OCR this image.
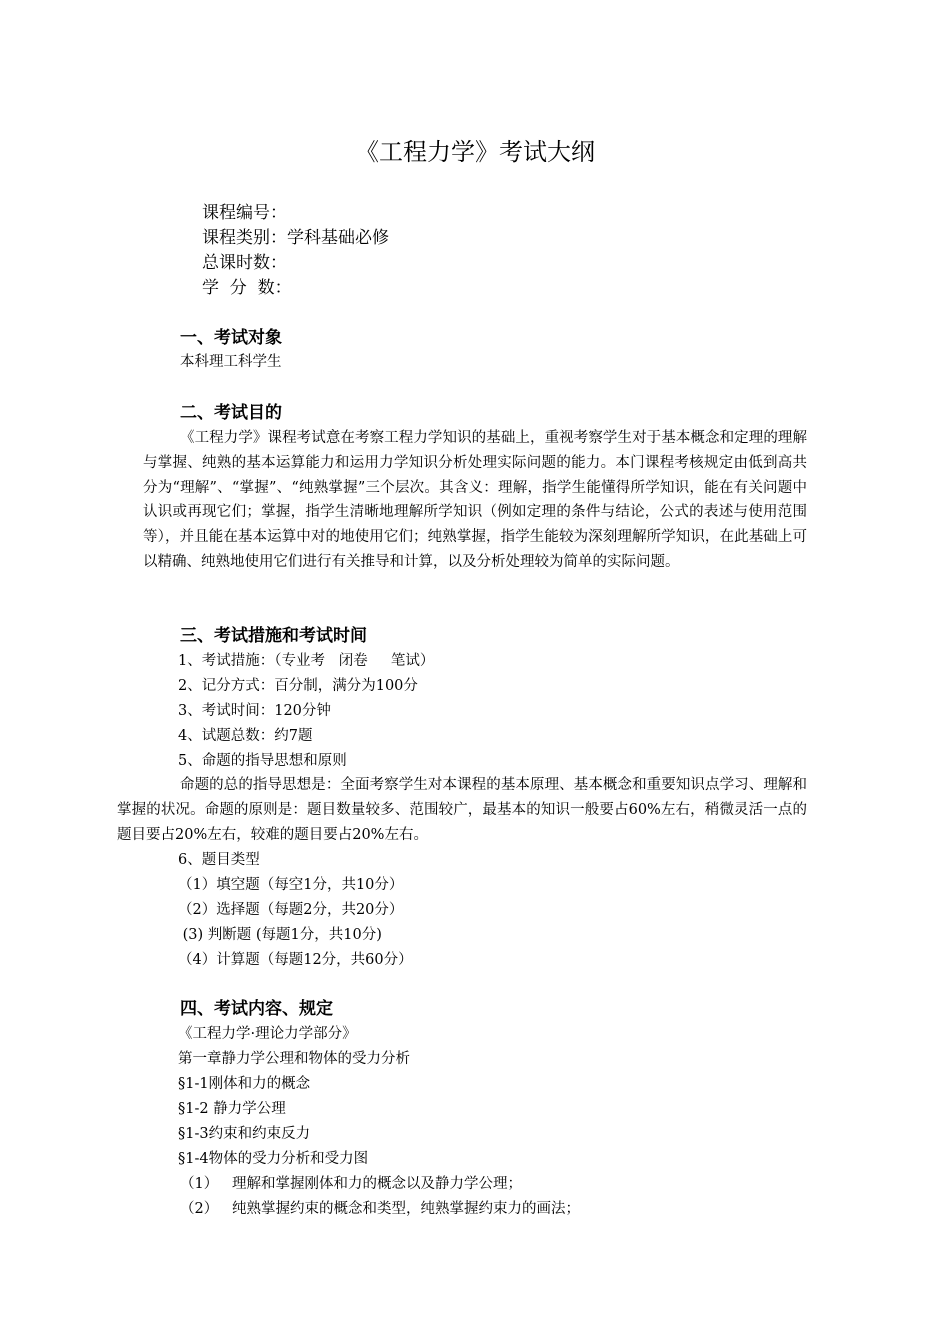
《工程力学》考试大纲
课程编号：
课程类别：学科基础必修
总课时数：
学  分  数：
一、考试对象
本科理工科学生
二、考试目的
《工程力学》课程考试意在考察工程力学知识的基础上，重视考察学生对于基本概念和定理的理解与掌握、纯熟的基本运算能力和运用力学知识分析处理实际问题的能力。本门课程考核规定由低到高共分为“理解”、“掌握”、“纯熟掌握”三个层次。其含义：理解，指学生能懂得所学知识，能在有关问题中认识或再现它们；掌握，指学生清晰地理解所学知识（例如定理的条件与结论，公式的表述与使用范围等），并且能在基本运算中对的地使用它们；纯熟掌握，指学生能较为深刻理解所学知识，在此基础上可以精确、纯熟地使用它们进行有关推导和计算，以及分析处理较为简单的实际问题。
三、考试措施和考试时间
1、考试措施：（专业考   闭卷     笔试）
2、记分方式：百分制，满分为100分
3、考试时间：120分钟
4、试题总数：约7题
5、命题的指导思想和原则
命题的总的指导思想是：全面考察学生对本课程的基本原理、基本概念和重要知识点学习、理解和掌握的状况。命题的原则是：题目数量较多、范围较广，最基本的知识一般要占60%左右，稍微灵活一点的题目要占20%左右，较难的题目要占20%左右。
6、题目类型
（1）填空题（每空1分，共10分）
（2）选择题（每题2分，共20分）
(3) 判断题 (每题1分，共10分)
（4）计算题（每题12分，共60分）
四、考试内容、规定
《工程力学·理论力学部分》
第一章静力学公理和物体的受力分析
§1-1刚体和力的概念
§1-2 静力学公理
§1-3约束和约束反力
§1-4物体的受力分析和受力图
（1）   理解和掌握刚体和力的概念以及静力学公理；
（2）   纯熟掌握约束的概念和类型，纯熟掌握约束力的画法；
